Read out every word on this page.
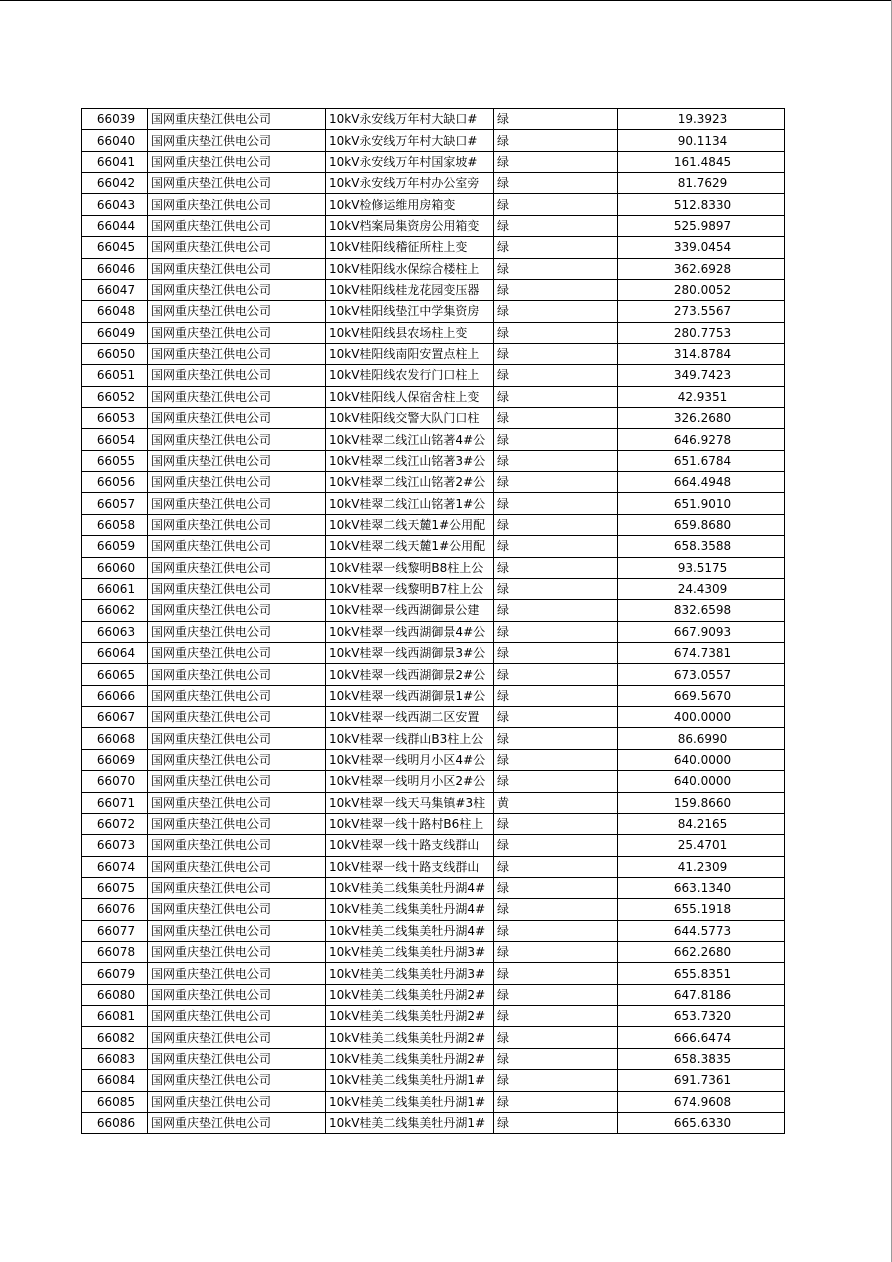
66039	国网重庆垫江供电公司	10kV永安线万年村大缺口#	绿	19.3923
66040	国网重庆垫江供电公司	10kV永安线万年村大缺口#	绿	90.1134
66041	国网重庆垫江供电公司	10kV永安线万年村国家坡#	绿	161.4845
66042	国网重庆垫江供电公司	10kV永安线万年村办公室旁	绿	81.7629
66043	国网重庆垫江供电公司	10kV检修运维用房箱变	绿	512.8330
66044	国网重庆垫江供电公司	10kV档案局集资房公用箱变	绿	525.9897
66045	国网重庆垫江供电公司	10kV桂阳线稽征所柱上变	绿	339.0454
66046	国网重庆垫江供电公司	10kV桂阳线水保综合楼柱上	绿	362.6928
66047	国网重庆垫江供电公司	10kV桂阳线桂龙花园变压器	绿	280.0052
66048	国网重庆垫江供电公司	10kV桂阳线垫江中学集资房	绿	273.5567
66049	国网重庆垫江供电公司	10kV桂阳线县农场柱上变	绿	280.7753
66050	国网重庆垫江供电公司	10kV桂阳线南阳安置点柱上	绿	314.8784
66051	国网重庆垫江供电公司	10kV桂阳线农发行门口柱上	绿	349.7423
66052	国网重庆垫江供电公司	10kV桂阳线人保宿舍柱上变	绿	42.9351
66053	国网重庆垫江供电公司	10kV桂阳线交警大队门口柱	绿	326.2680
66054	国网重庆垫江供电公司	10kV桂翠二线江山铭著4#公	绿	646.9278
66055	国网重庆垫江供电公司	10kV桂翠二线江山铭著3#公	绿	651.6784
66056	国网重庆垫江供电公司	10kV桂翠二线江山铭著2#公	绿	664.4948
66057	国网重庆垫江供电公司	10kV桂翠二线江山铭著1#公	绿	651.9010
66058	国网重庆垫江供电公司	10kV桂翠二线天麓1#公用配	绿	659.8680
66059	国网重庆垫江供电公司	10kV桂翠二线天麓1#公用配	绿	658.3588
66060	国网重庆垫江供电公司	10kV桂翠一线黎明B8柱上公	绿	93.5175
66061	国网重庆垫江供电公司	10kV桂翠一线黎明B7柱上公	绿	24.4309
66062	国网重庆垫江供电公司	10kV桂翠一线西湖御景公建	绿	832.6598
66063	国网重庆垫江供电公司	10kV桂翠一线西湖御景4#公	绿	667.9093
66064	国网重庆垫江供电公司	10kV桂翠一线西湖御景3#公	绿	674.7381
66065	国网重庆垫江供电公司	10kV桂翠一线西湖御景2#公	绿	673.0557
66066	国网重庆垫江供电公司	10kV桂翠一线西湖御景1#公	绿	669.5670
66067	国网重庆垫江供电公司	10kV桂翠一线西湖二区安置	绿	400.0000
66068	国网重庆垫江供电公司	10kV桂翠一线群山B3柱上公	绿	86.6990
66069	国网重庆垫江供电公司	10kV桂翠一线明月小区4#公	绿	640.0000
66070	国网重庆垫江供电公司	10kV桂翠一线明月小区2#公	绿	640.0000
66071	国网重庆垫江供电公司	10kV桂翠一线天马集镇#3柱	黄	159.8660
66072	国网重庆垫江供电公司	10kV桂翠一线十路村B6柱上	绿	84.2165
66073	国网重庆垫江供电公司	10kV桂翠一线十路支线群山	绿	25.4701
66074	国网重庆垫江供电公司	10kV桂翠一线十路支线群山	绿	41.2309
66075	国网重庆垫江供电公司	10kV桂美二线集美牡丹湖4#	绿	663.1340
66076	国网重庆垫江供电公司	10kV桂美二线集美牡丹湖4#	绿	655.1918
66077	国网重庆垫江供电公司	10kV桂美二线集美牡丹湖4#	绿	644.5773
66078	国网重庆垫江供电公司	10kV桂美二线集美牡丹湖3#	绿	662.2680
66079	国网重庆垫江供电公司	10kV桂美二线集美牡丹湖3#	绿	655.8351
66080	国网重庆垫江供电公司	10kV桂美二线集美牡丹湖2#	绿	647.8186
66081	国网重庆垫江供电公司	10kV桂美二线集美牡丹湖2#	绿	653.7320
66082	国网重庆垫江供电公司	10kV桂美二线集美牡丹湖2#	绿	666.6474
66083	国网重庆垫江供电公司	10kV桂美二线集美牡丹湖2#	绿	658.3835
66084	国网重庆垫江供电公司	10kV桂美二线集美牡丹湖1#	绿	691.7361
66085	国网重庆垫江供电公司	10kV桂美二线集美牡丹湖1#	绿	674.9608
66086	国网重庆垫江供电公司	10kV桂美二线集美牡丹湖1#	绿	665.6330
